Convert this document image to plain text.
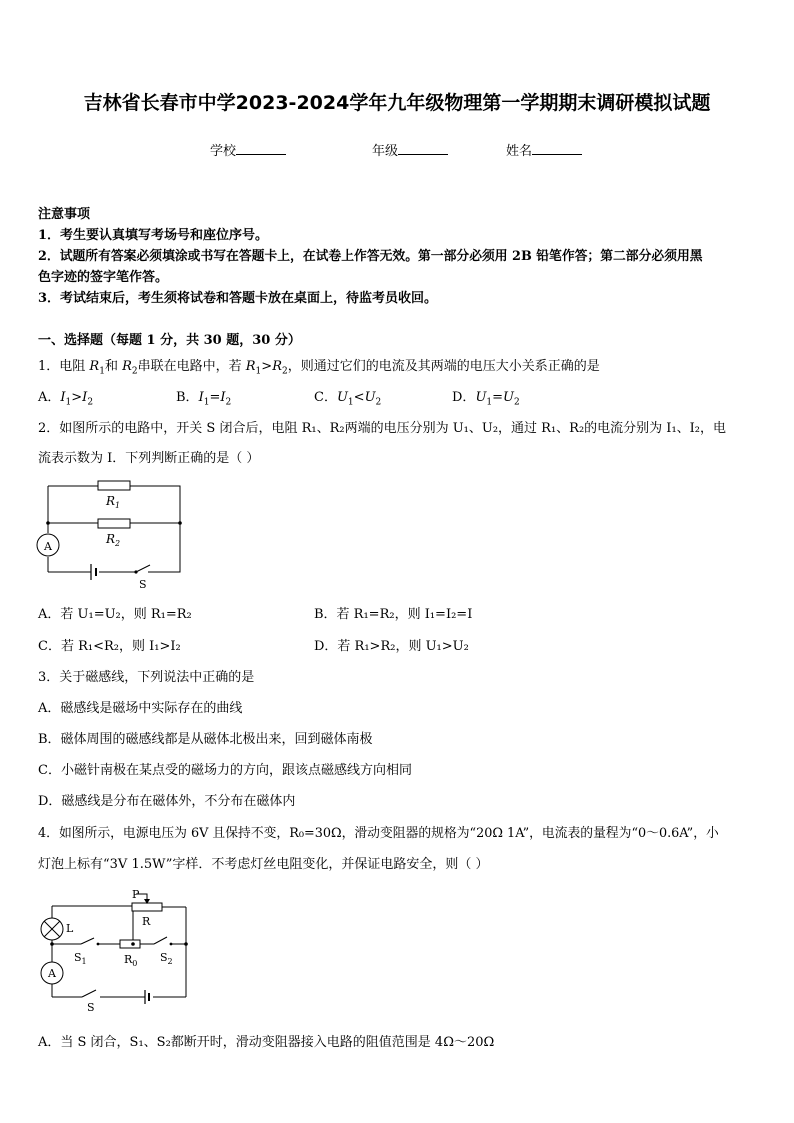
吉林省长春市中学2023-2024学年九年级物理第一学期期末调研模拟试题
学校	年级	姓名
注意事项
1．考生要认真填写考场号和座位序号。
2．试题所有答案必须填涂或书写在答题卡上，在试卷上作答无效。第一部分必须用 2B 铅笔作答；第二部分必须用黑
色字迹的签字笔作答。
3．考试结束后，考生须将试卷和答题卡放在桌面上，待监考员收回。
一、选择题（每题 1 分，共 30 题，30 分）
1．电阻 $R_1$和 $R_2$串联在电路中，若 $R_1>R_2$，则通过它们的电流及其两端的电压大小关系正确的是
A．$I_1>I_2$	B．$I_1=I_2$	C．$U_1<U_2$	D．$U_1=U_2$
2．如图所示的电路中，开关 S 闭合后，电阻 R₁、R₂两端的电压分别为 U₁、U₂，通过 R₁、R₂的电流分别为 I₁、I₂，电
流表示数为 I．下列判断正确的是（ ）
$R_1$
$R_2$
A
S
A．若 U₁=U₂，则 R₁=R₂	B．若 R₁=R₂，则 I₁=I₂=I
C．若 R₁<R₂，则 I₁>I₂	D．若 R₁>R₂，则 U₁>U₂
3．关于磁感线，下列说法中正确的是
A．磁感线是磁场中实际存在的曲线
B．磁体周围的磁感线都是从磁体北极出来，回到磁体南极
C．小磁针南极在某点受的磁场力的方向，跟该点磁感线方向相同
D．磁感线是分布在磁体外，不分布在磁体内
4．如图所示，电源电压为 6V 且保持不变，R₀=30Ω，滑动变阻器的规格为“20Ω 1A”，电流表的量程为“0～0.6A”，小
灯泡上标有“3V 1.5W”字样．不考虑灯丝电阻变化，并保证电路安全，则（ ）
P
R
L
$S_1$	$R_0$ $S_2$
A
S
A．当 S 闭合，S₁、S₂都断开时，滑动变阻器接入电路的阻值范围是 4Ω～20Ω
